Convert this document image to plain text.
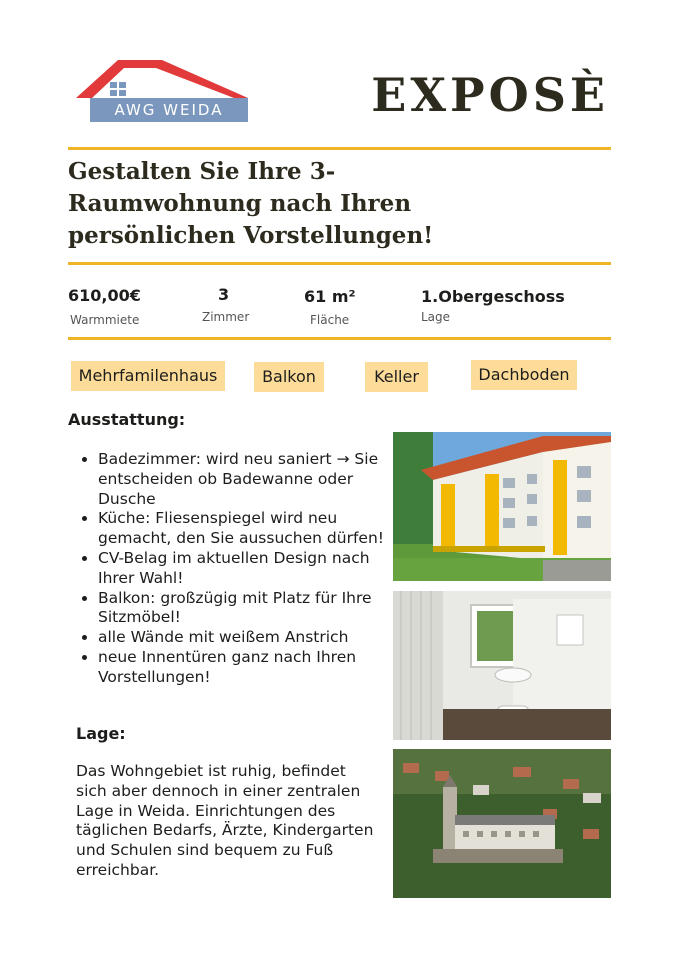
AWG WEIDA	EXPOSÈ
Gestalten Sie Ihre 3-Raumwohnung nach Ihren persönlichen Vorstellungen!
610,00€
Warmmiete
3
Zimmer
61 m²
Fläche
1.Obergeschoss
Lage
Mehrfamilenhaus	Balkon	Keller	Dachboden
Ausstattung:
• Badezimmer: wird neu saniert → Sie entscheiden ob Badewanne oder Dusche
• Küche: Fliesenspiegel wird neu gemacht, den Sie aussuchen dürfen!
• CV-Belag im aktuellen Design nach Ihrer Wahl!
• Balkon: großzügig mit Platz für Ihre Sitzmöbel!
• alle Wände mit weißem Anstrich
• neue Innentüren ganz nach Ihren Vorstellungen!
Lage:

Das Wohngebiet ist ruhig, befindet sich aber dennoch in einer zentralen Lage in Weida. Einrichtungen des täglichen Bedarfs, Ärzte, Kindergarten und Schulen sind bequem zu Fuß erreichbar.
